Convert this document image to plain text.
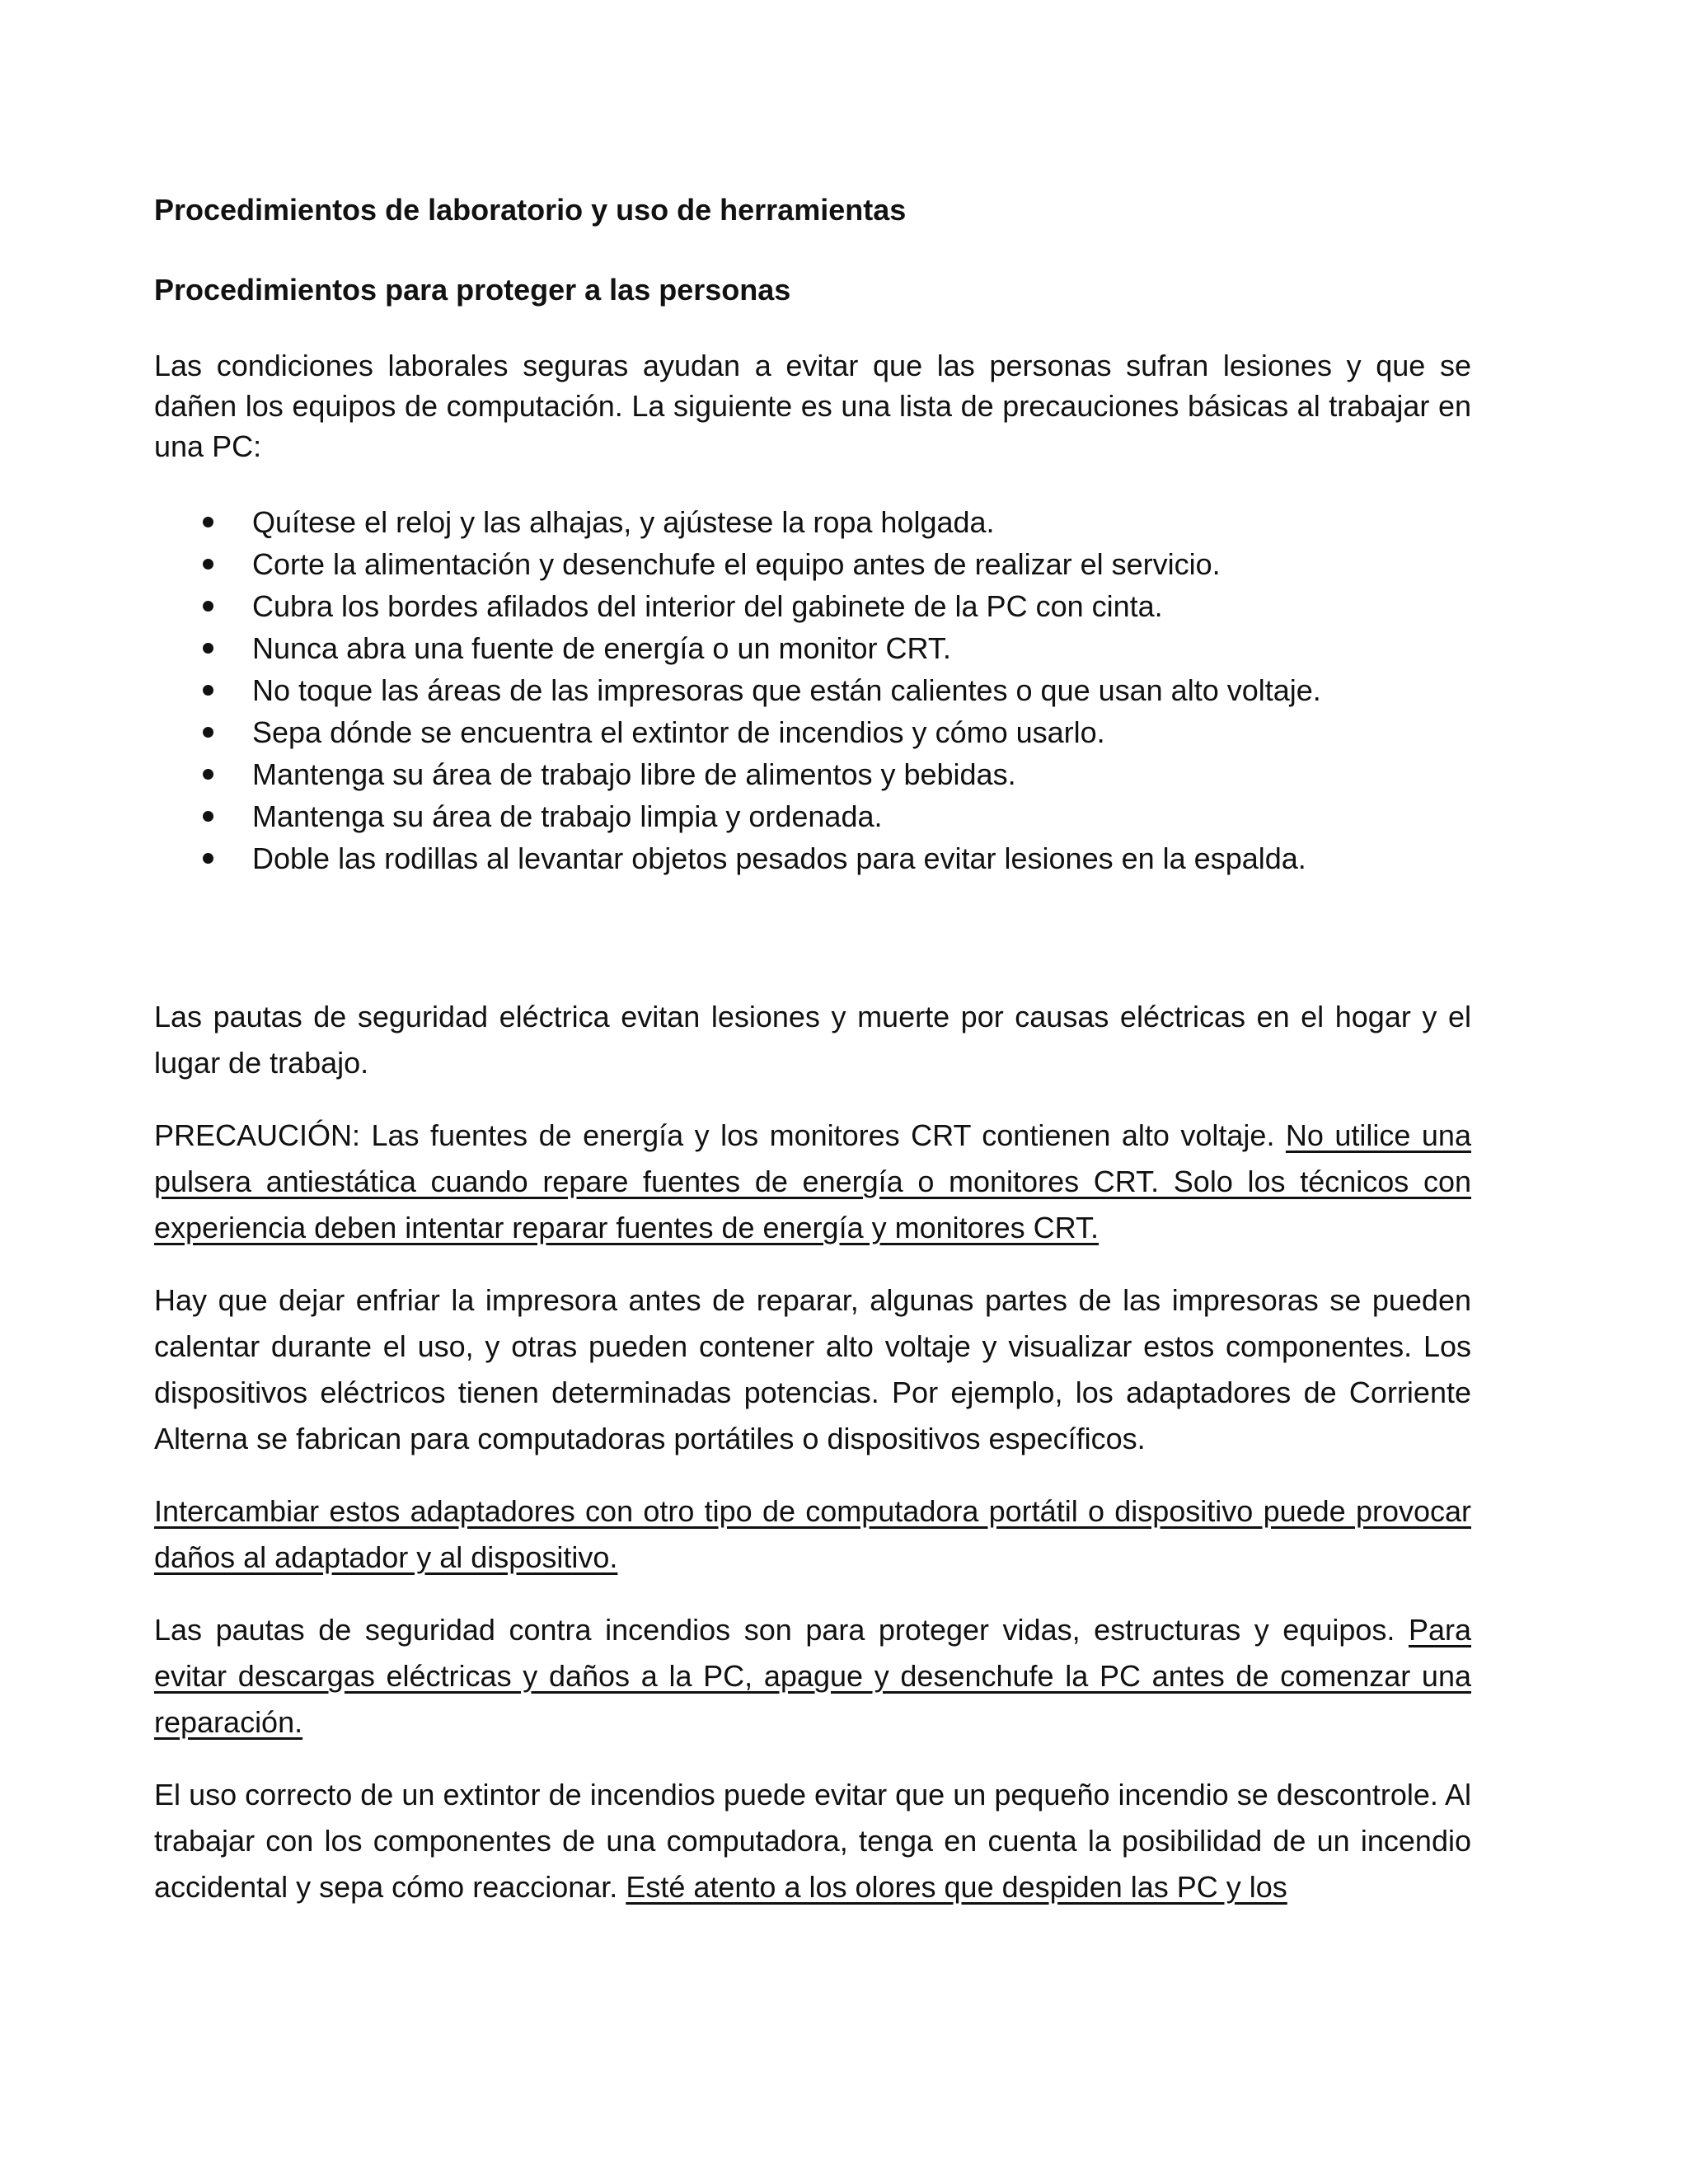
Procedimientos de laboratorio y uso de herramientas

Procedimientos para proteger a las personas

Las condiciones laborales seguras ayudan a evitar que las personas sufran lesiones y que se dañen los equipos de computación. La siguiente es una lista de precauciones básicas al trabajar en una PC:

Quítese el reloj y las alhajas, y ajústese la ropa holgada.
Corte la alimentación y desenchufe el equipo antes de realizar el servicio.
Cubra los bordes afilados del interior del gabinete de la PC con cinta.
Nunca abra una fuente de energía o un monitor CRT.
No toque las áreas de las impresoras que están calientes o que usan alto voltaje.
Sepa dónde se encuentra el extintor de incendios y cómo usarlo.
Mantenga su área de trabajo libre de alimentos y bebidas.
Mantenga su área de trabajo limpia y ordenada.
Doble las rodillas al levantar objetos pesados para evitar lesiones en la espalda.

Las pautas de seguridad eléctrica evitan lesiones y muerte por causas eléctricas en el hogar y el lugar de trabajo.

PRECAUCIÓN: Las fuentes de energía y los monitores CRT contienen alto voltaje. No utilice una pulsera antiestática cuando repare fuentes de energía o monitores CRT. Solo los técnicos con experiencia deben intentar reparar fuentes de energía y monitores CRT.

Hay que dejar enfriar la impresora antes de reparar, algunas partes de las impresoras se pueden calentar durante el uso, y otras pueden contener alto voltaje y visualizar estos componentes. Los dispositivos eléctricos tienen determinadas potencias. Por ejemplo, los adaptadores de Corriente Alterna se fabrican para computadoras portátiles o dispositivos específicos.

Intercambiar estos adaptadores con otro tipo de computadora portátil o dispositivo puede provocar daños al adaptador y al dispositivo.

Las pautas de seguridad contra incendios son para proteger vidas, estructuras y equipos. Para evitar descargas eléctricas y daños a la PC, apague y desenchufe la PC antes de comenzar una reparación.

El uso correcto de un extintor de incendios puede evitar que un pequeño incendio se descontrole. Al trabajar con los componentes de una computadora, tenga en cuenta la posibilidad de un incendio accidental y sepa cómo reaccionar. Esté atento a los olores que despiden las PC y los
